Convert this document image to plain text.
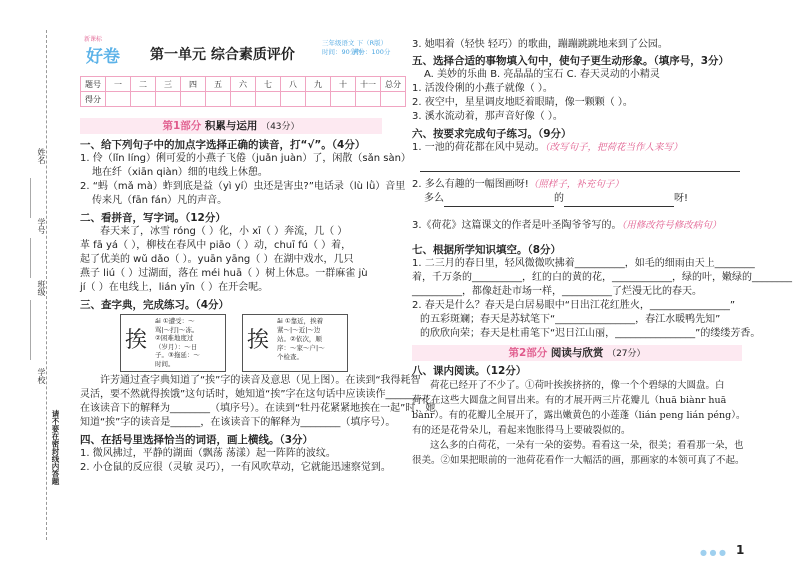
姓名
学号
班级
学校
请不要在密封线内答题
新课标
好卷 第一单元 综合素质评价
三年级语文 下（R版）
时间：90分钟
满分：100分
题号	一	二	三	四	五	六	七	八	九	十	十一	总分
得分												
第1部分 积累与运用 （43分）
一、给下列句子中的加点字选择正确的读音，打“√”。（4分）
1. 伶（lǐn líng）俐可爱的小燕子飞倦（juǎn juàn）了，闲散（sǎn sàn）
地在纤（xiān qiàn）细的电线上休憩。
2. “蚂（mǎ mà）蚱到底是益（yì yí）虫还是害虫?”电话录（lù lǜ）音里
传来凡（fān fán）凡的声音。
二、看拼音，写字词。（12分）
春天来了，冰雪 róng（ ）化，小 xī（ ）奔流，几（ ）
革 fā yá（ ），柳枝在春风中 piāo（ ）动，chuī fú（ ）着，
起了优美的 wǔ dǎo（ ）。yuān yāng（ ）在湖中戏水，几只
燕子 liú（ ）过湖面，落在 méi huā（ ）树上休息。一群麻雀 jù
jí（ ）在电线上，lián yīn（ ）在开会呢。
三、查字典，完成练习。（4分）
挨
ái ①遭受：～
骂|～打|～冻。
②困难地度过
（岁月）：～日
子。③拖延：～
时间。
挨
āi ①靠近，挨着
紧～|～近|～边
站。②依次，顺
序：～家～户|～
个检查。
许芳通过查字典知道了“挨”字的读音及意思（见上图）。在读到“我得耗智
灵活，要不然就得挨饿”这句话时，她知道“挨”字在这句话中应读读作________，
在该读音下的解释为________（填序号）。在读到“牡丹花紧紧地挨在一起”时，她
知道“挨”字的读音是______，在该读音下的解释为________（填序号）。
四、在括号里选择恰当的词语，画上横线。（3分）
1. 微风拂过，平静的湖面（飘荡 荡漾）起一阵阵的波纹。
2. 小仓鼠的反应很（灵敏 灵巧），一有风吹草动，它就能迅速察觉到。
3. 她唱着（轻快 轻巧）的歌曲，蹦蹦跳跳地来到了公园。
五、选择合适的事物填入句中，使句子更生动形象。（填序号，3分）
A. 美妙的乐曲 B. 亮晶晶的宝石 C. 春天灵动的小精灵
1. 活泼伶俐的小燕子就像（ ）。
2. 夜空中，星星调皮地眨着眼睛，像一颗颗（ ）。
3. 溪水流动着，那声音好像（ ）。
六、按要求完成句子练习。（9分）
1. 一池的荷花都在风中晃动。（改写句子，把荷花当作人来写）
2. 多么有趣的一幅图画呀!（照样子，补充句子）
多么	的	呀!
3.《荷花》这篇课文的作者是叶圣陶爷爷写的。（用修改符号修改病句）
七、根据所学知识填空。（8分）
1. 二三月的春日里，轻风微微吹拂着__________，如毛的细雨由天上________
着，千万条的__________，红的白的黄的花，____________，绿的叶，嫩绿的________
__________，都像赶赴市场一样，__________了烂漫无比的春天。
2. 春天是什么？春天是白居易眼中“日出江花红胜火，________________”
的五彩斑斓；春天是苏轼笔下“________________，春江水暖鸭先知”
的欣欣向荣；春天是杜甫笔下“迟日江山丽，________________”的缕缕芳香。
第2部分 阅读与欣赏 （27分）
八、课内阅读。（12分）
荷花已经开了不少了。①荷叶挨挨挤挤的，像一个个碧绿的大圆盘。白
荷花在这些大圆盘之间冒出来。有的才展开两三片花瓣儿（huā biànr huā
bànr）。有的花瓣儿全展开了，露出嫩黄色的小莲蓬（lián peng lián péng）。
有的还是花骨朵儿，看起来饱胀得马上要破裂似的。
这么多的白荷花，一朵有一朵的姿势。看看这一朵，很美；看看那一朵，也
很美。②如果把眼前的一池荷花看作一大幅活的画，那画家的本领可真了不起。
● ● ● 1
